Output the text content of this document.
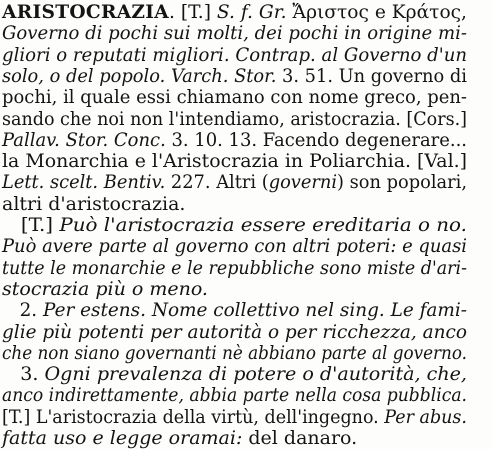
ARISTOCRAZIA. [T.] S. f. Gr. Ἄριστος e Κράτος,
Governo di pochi sui molti, dei pochi in origine mi-
gliori o reputati migliori. Contrap. al Governo d'un
solo, o del popolo. Varch. Stor. 3. 51. Un governo di
pochi, il quale essi chiamano con nome greco, pen-
sando che noi non l'intendiamo, aristocrazia. [Cors.]
Pallav. Stor. Conc. 3. 10. 13. Facendo degenerare...
la Monarchia e l'Aristocrazia in Poliarchia. [Val.]
Lett. scelt. Bentiv. 227. Altri (governi) son popolari,
altri d'aristocrazia.
[T.] Può l'aristocrazia essere ereditaria o no.
Può avere parte al governo con altri poteri: e quasi
tutte le monarchie e le repubbliche sono miste d'ari-
stocrazia più o meno.
2. Per estens. Nome collettivo nel sing. Le fami-
glie più potenti per autorità o per ricchezza, anco
che non siano governanti nè abbiano parte al governo.
3. Ogni prevalenza di potere o d'autorità, che,
anco indirettamente, abbia parte nella cosa pubblica.
[T.] L'aristocrazia della virtù, dell'ingegno. Per abus.
fatta uso e legge oramai: del danaro.
